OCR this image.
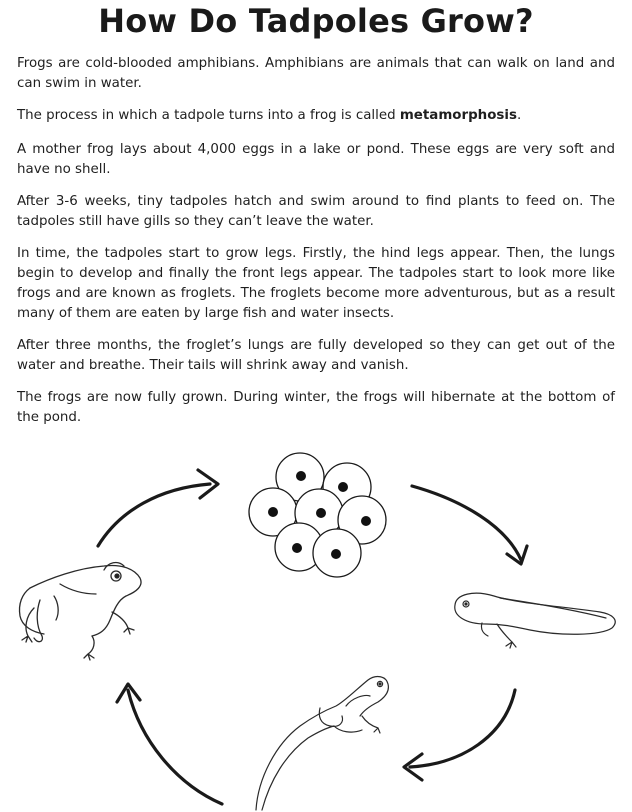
How Do Tadpoles Grow?

Frogs are cold-blooded amphibians. Amphibians are animals that can walk on land and can swim in water.

The process in which a tadpole turns into a frog is called metamorphosis.

A mother frog lays about 4,000 eggs in a lake or pond. These eggs are very soft and have no shell.

After 3-6 weeks, tiny tadpoles hatch and swim around to find plants to feed on. The tadpoles still have gills so they can’t leave the water.

In time, the tadpoles start to grow legs. Firstly, the hind legs appear. Then, the lungs begin to develop and finally the front legs appear. The tadpoles start to look more like frogs and are known as froglets. The froglets become more adventurous, but as a result many of them are eaten by large fish and water insects.

After three months, the froglet’s lungs are fully developed so they can get out of the water and breathe. Their tails will shrink away and vanish.

The frogs are now fully grown. During winter, the frogs will hibernate at the bottom of the pond.
